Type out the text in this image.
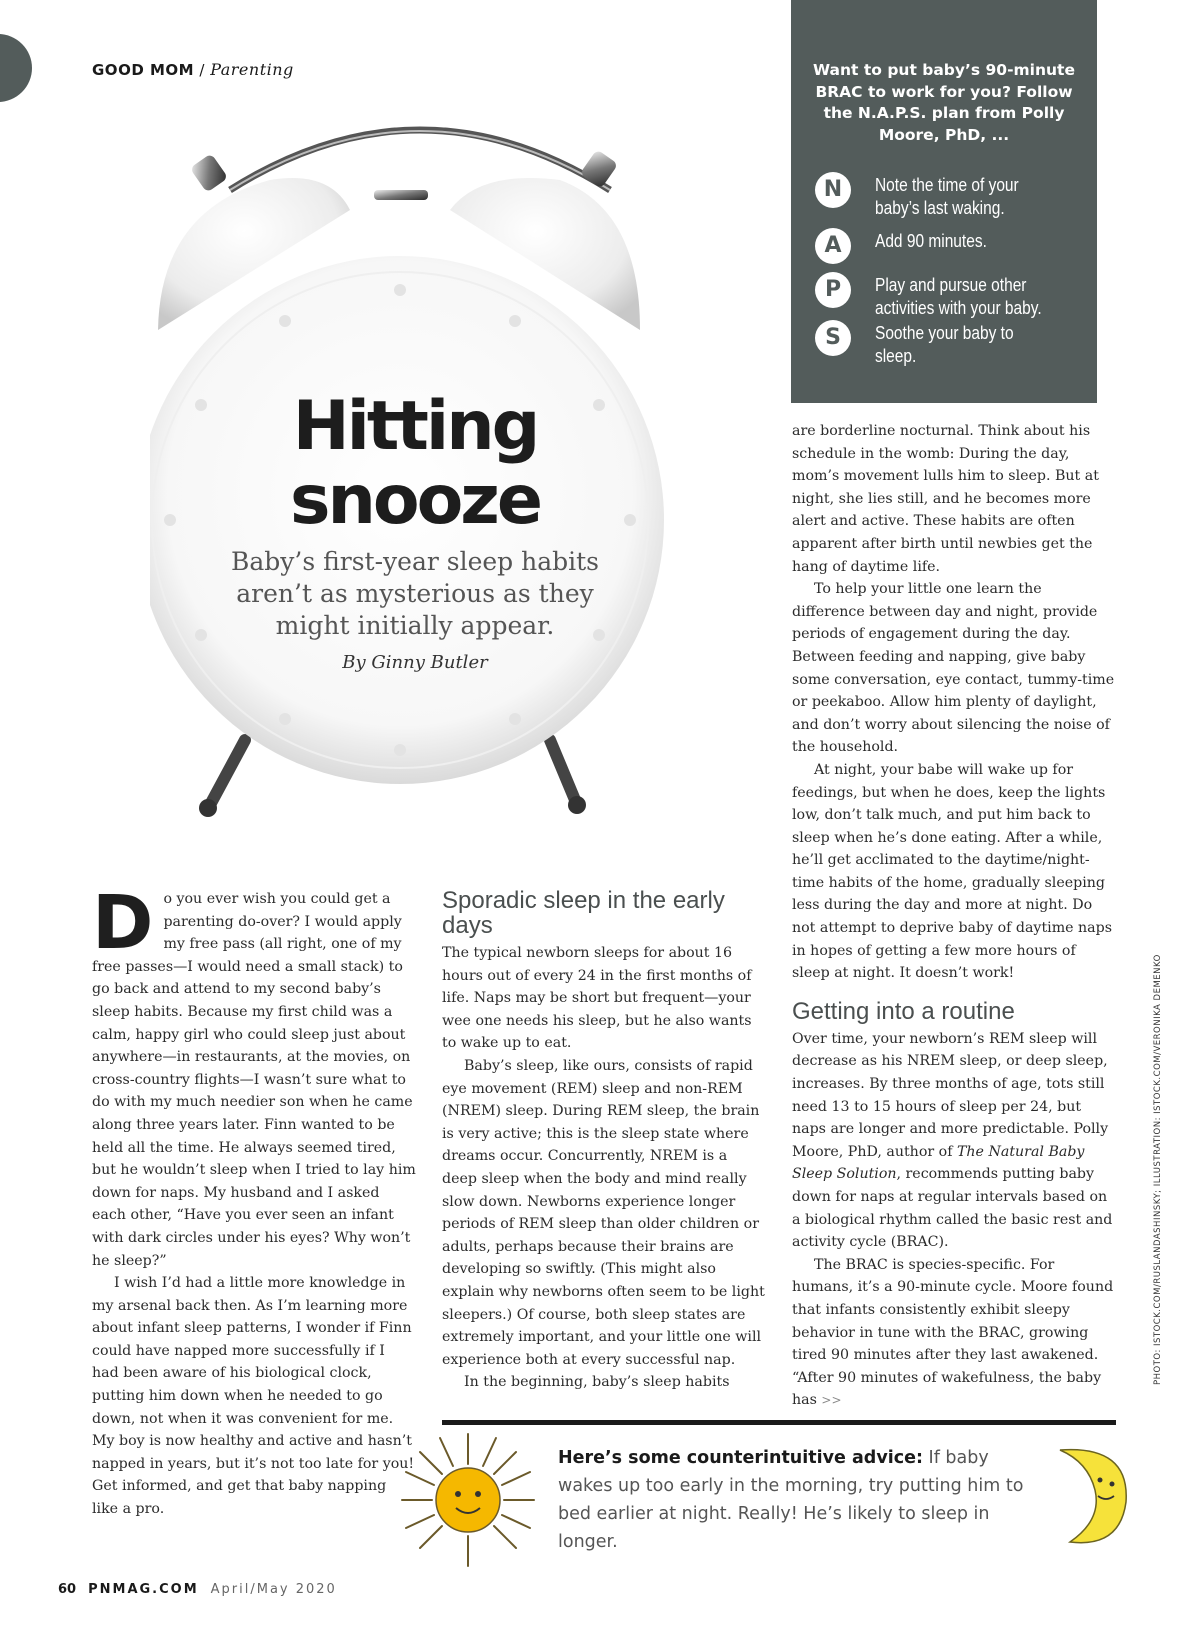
GOOD MOM / Parenting
Hitting
snooze

Baby’s first-year sleep habits aren’t as mysterious as they might initially appear.

By Ginny Butler
Want to put baby’s 90-minute BRAC to work for you? Follow the N.A.P.S. plan from Polly Moore, PhD, ...
N	Note the time of your baby’s last waking.
A	Add 90 minutes.
P	Play and pursue other activities with your baby.
S	Soothe your baby to sleep.

Do you ever wish you could get a parenting do-over? I would apply my free pass (all right, one of my free passes—I would need a small stack) to go back and attend to my second baby’s sleep habits. Because my first child was a calm, happy girl who could sleep just about anywhere—in restaurants, at the movies, on cross-country flights—I wasn’t sure what to do with my much needier son when he came along three years later. Finn wanted to be held all the time. He always seemed tired, but he wouldn’t sleep when I tried to lay him down for naps. My husband and I asked each other, “Have you ever seen an infant with dark circles under his eyes? Why won’t he sleep?”

I wish I’d had a little more knowledge in my arsenal back then. As I’m learning more about infant sleep patterns, I wonder if Finn could have napped more successfully if I had been aware of his biological clock, putting him down when he needed to go down, not when it was convenient for me. My boy is now healthy and active and hasn’t napped in years, but it’s not too late for you! Get informed, and get that baby napping like a pro.

Sporadic sleep in the early days

The typical newborn sleeps for about 16 hours out of every 24 in the first months of life. Naps may be short but frequent—your wee one needs his sleep, but he also wants to wake up to eat.

Baby’s sleep, like ours, consists of rapid eye movement (REM) sleep and non-REM (NREM) sleep. During REM sleep, the brain is very active; this is the sleep state where dreams occur. Concurrently, NREM is a deep sleep when the body and mind really slow down. Newborns experience longer periods of REM sleep than older children or adults, perhaps because their brains are developing so swiftly. (This might also explain why newborns often seem to be light sleepers.) Of course, both sleep states are extremely important, and your little one will experience both at every successful nap.

In the beginning, baby’s sleep habits

are borderline nocturnal. Think about his schedule in the womb: During the day, mom’s movement lulls him to sleep. But at night, she lies still, and he becomes more alert and active. These habits are often apparent after birth until newbies get the hang of daytime life.

To help your little one learn the difference between day and night, provide periods of engagement during the day. Between feeding and napping, give baby some conversation, eye contact, tummy-time or peekaboo. Allow him plenty of daylight, and don’t worry about silencing the noise of the household.

At night, your babe will wake up for feedings, but when he does, keep the lights low, don’t talk much, and put him back to sleep when he’s done eating. After a while, he’ll get acclimated to the daytime/night-time habits of the home, gradually sleeping less during the day and more at night. Do not attempt to deprive baby of daytime naps in hopes of getting a few more hours of sleep at night. It doesn’t work!

Getting into a routine

Over time, your newborn’s REM sleep will decrease as his NREM sleep, or deep sleep, increases. By three months of age, tots still need 13 to 15 hours of sleep per 24, but naps are longer and more predictable. Polly Moore, PhD, author of The Natural Baby Sleep Solution, recommends putting baby down for naps at regular intervals based on a biological rhythm called the basic rest and activity cycle (BRAC).

The BRAC is species-specific. For humans, it’s a 90-minute cycle. Moore found that infants consistently exhibit sleepy behavior in tune with the BRAC, growing tired 90 minutes after they last awakened. “After 90 minutes of wakefulness, the baby has >>

PHOTO: ISTOCK.COM/RUSLANDASHINSKY; ILLUSTRATION: ISTOCK.COM/VERONIKA DEMENKO
Here’s some counterintuitive advice: If baby wakes up too early in the morning, try putting him to bed earlier at night. Really! He’s likely to sleep in longer.
60 PNMAG.COM April/May 2020
